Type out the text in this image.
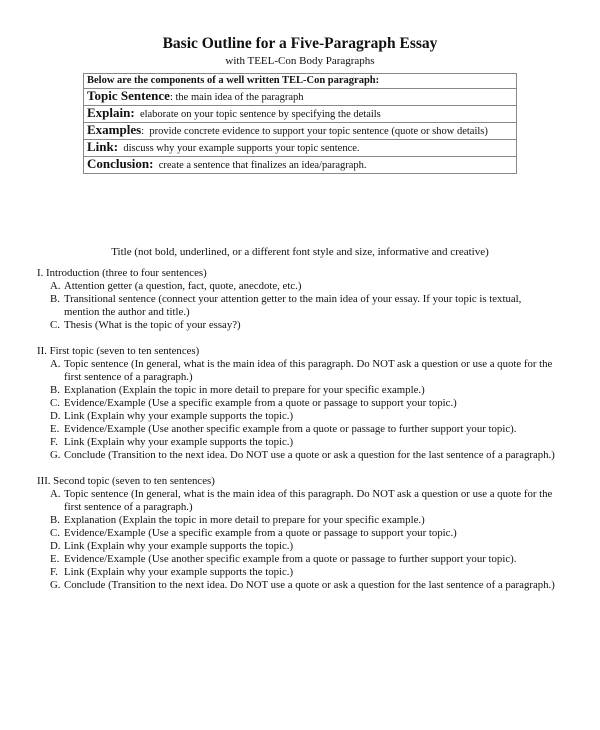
Basic Outline for a Five-Paragraph Essay
with TEEL-Con Body Paragraphs
Below are the components of a well written TEL-Con paragraph:
Topic Sentence: the main idea of the paragraph
Explain:  elaborate on your topic sentence by specifying the details
Examples:  provide concrete evidence to support your topic sentence (quote or show details)
Link:  discuss why your example supports your topic sentence.
Conclusion:  create a sentence that finalizes an idea/paragraph.
Title (not bold, underlined, or a different font style and size, informative and creative)
I. Introduction (three to four sentences)
A. Attention getter (a question, fact, quote, anecdote, etc.)
B. Transitional sentence (connect your attention getter to the main idea of your essay. If your topic is textual, mention the author and title.)
C. Thesis (What is the topic of your essay?)
II. First topic (seven to ten sentences)
A. Topic sentence (In general, what is the main idea of this paragraph. Do NOT ask a question or use a quote for the first sentence of a paragraph.)
B. Explanation (Explain the topic in more detail to prepare for your specific example.)
C. Evidence/Example (Use a specific example from a quote or passage to support your topic.)
D. Link (Explain why your example supports the topic.)
E. Evidence/Example (Use another specific example from a quote or passage to further support your topic).
F. Link (Explain why your example supports the topic.)
G. Conclude (Transition to the next idea. Do NOT use a quote or ask a question for the last sentence of a paragraph.)
III. Second topic (seven to ten sentences)
A. Topic sentence (In general, what is the main idea of this paragraph. Do NOT ask a question or use a quote for the first sentence of a paragraph.)
B. Explanation (Explain the topic in more detail to prepare for your specific example.)
C. Evidence/Example (Use a specific example from a quote or passage to support your topic.)
D. Link (Explain why your example supports the topic.)
E. Evidence/Example (Use another specific example from a quote or passage to further support your topic).
F. Link (Explain why your example supports the topic.)
G. Conclude (Transition to the next idea. Do NOT use a quote or ask a question for the last sentence of a paragraph.)
